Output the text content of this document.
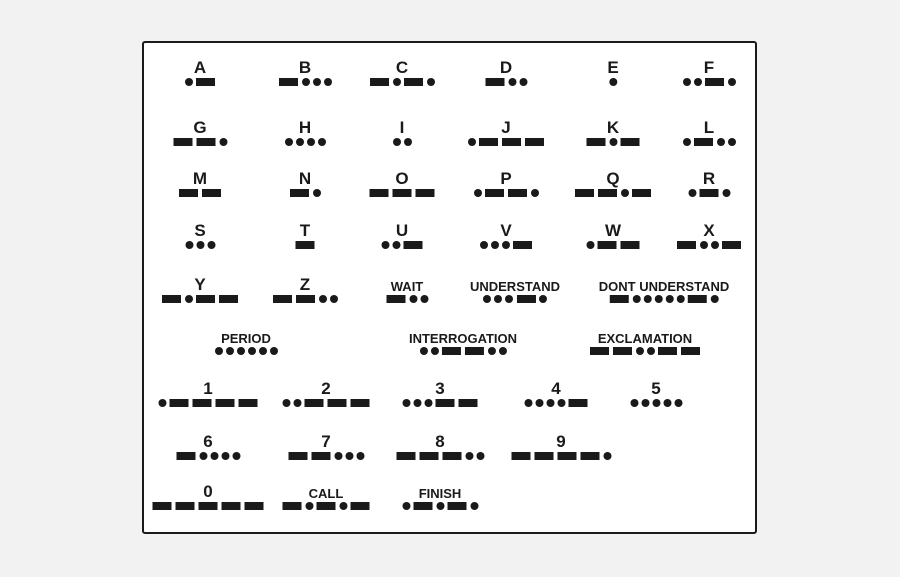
A	B	C	D	E	F
G	H	I	J	K	L
M	N	O	P	Q	R
S	T	U	V	W	X
Y	Z	WAIT	UNDERSTAND	DONT UNDERSTAND
PERIOD	INTERROGATION	EXCLAMATION
1	2	3	4	5
6	7	8	9
0	CALL	FINISH
